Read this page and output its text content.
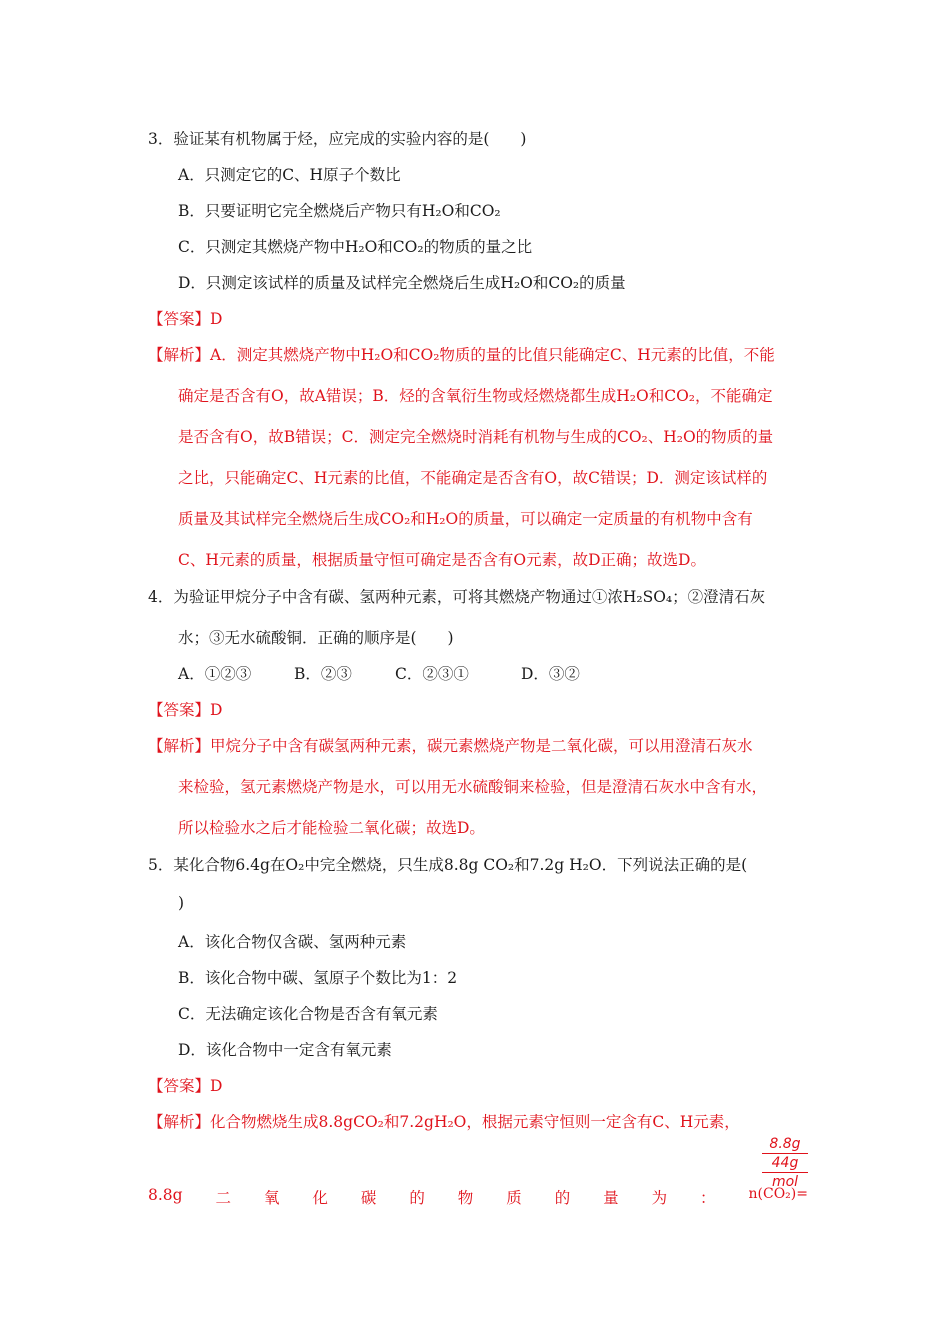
3．验证某有机物属于烃，应完成的实验内容的是(　　)
A．只测定它的C、H原子个数比
B．只要证明它完全燃烧后产物只有H₂O和CO₂
C．只测定其燃烧产物中H₂O和CO₂的物质的量之比
D．只测定该试样的质量及试样完全燃烧后生成H₂O和CO₂的质量
【答案】D
【解析】A．测定其燃烧产物中H₂O和CO₂物质的量的比值只能确定C、H元素的比值，不能
确定是否含有O，故A错误；B．烃的含氧衍生物或烃燃烧都生成H₂O和CO₂，不能确定
是否含有O，故B错误；C．测定完全燃烧时消耗有机物与生成的CO₂、H₂O的物质的量
之比，只能确定C、H元素的比值，不能确定是否含有O，故C错误；D．测定该试样的
质量及其试样完全燃烧后生成CO₂和H₂O的质量，可以确定一定质量的有机物中含有
C、H元素的质量，根据质量守恒可确定是否含有O元素，故D正确；故选D。
4．为验证甲烷分子中含有碳、氢两种元素，可将其燃烧产物通过①浓H₂SO₄；②澄清石灰
水；③无水硫酸铜．正确的顺序是(　　)
A．①②③	B．②③	C．②③①	D．③②
【答案】D
【解析】甲烷分子中含有碳氢两种元素，碳元素燃烧产物是二氧化碳，可以用澄清石灰水
来检验，氢元素燃烧产物是水，可以用无水硫酸铜来检验，但是澄清石灰水中含有水，
所以检验水之后才能检验二氧化碳；故选D。
5．某化合物6.4g在O₂中完全燃烧，只生成8.8g CO₂和7.2g H₂O．下列说法正确的是(
)
A．该化合物仅含碳、氢两种元素
B．该化合物中碳、氢原子个数比为1：2
C．无法确定该化合物是否含有氧元素
D．该化合物中一定含有氧元素
【答案】D
【解析】化合物燃烧生成8.8gCO₂和7.2gH₂O，根据元素守恒则一定含有C、H元素，
8.8g 二 氧 化 碳 的 物 质 的 量 为 ： n(CO₂)=
8.8g
44g
mol
